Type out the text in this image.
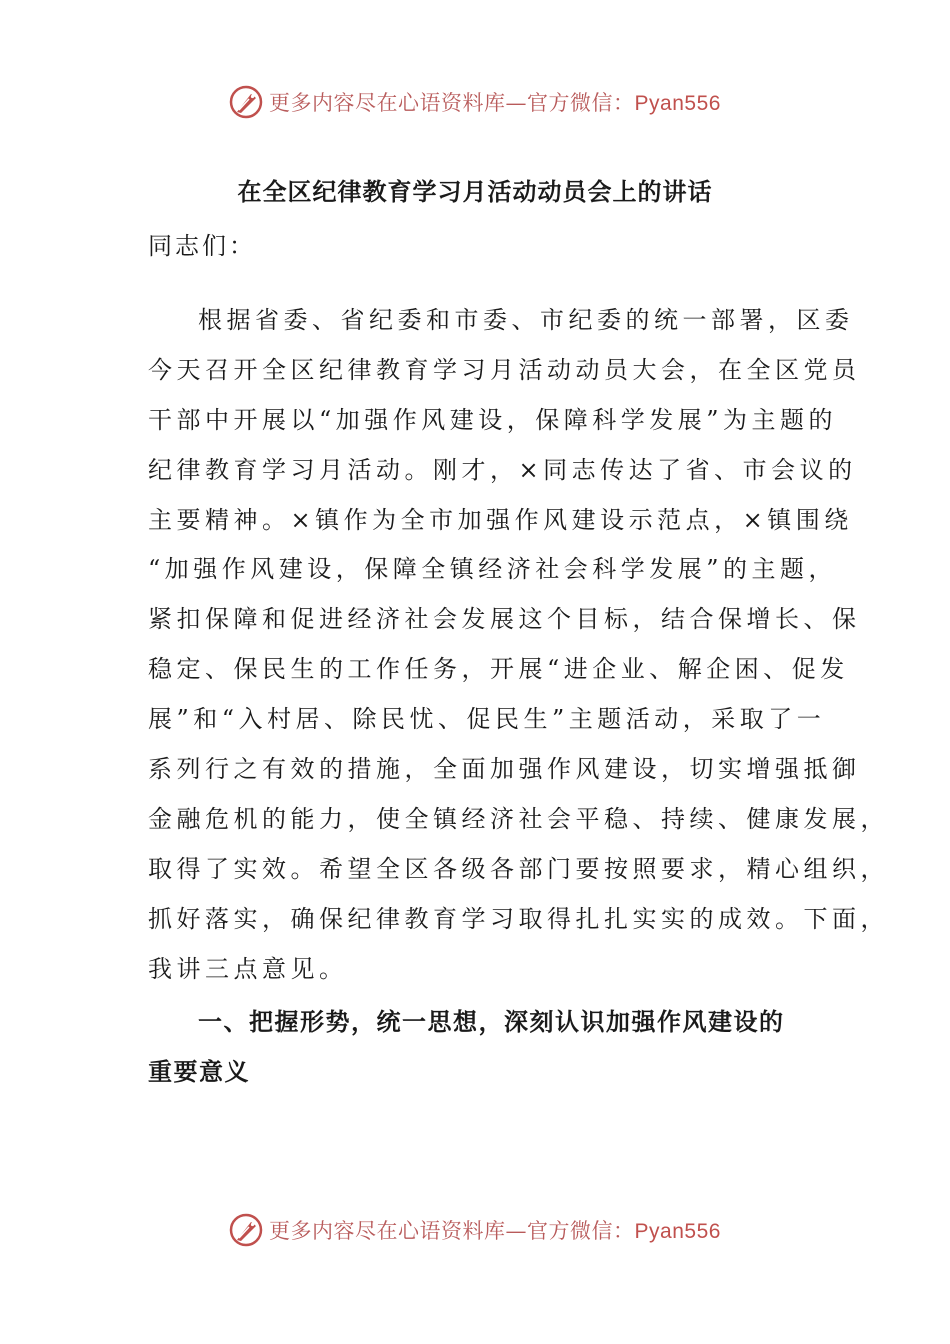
更多内容尽在心语资料库—官方微信：Pyan556
在全区纪律教育学习月活动动员会上的讲话

同志们：

根据省委、省纪委和市委、市纪委的统一部署，区委
今天召开全区纪律教育学习月活动动员大会，在全区党员
干部中开展以“加强作风建设，保障科学发展”为主题的
纪律教育学习月活动。刚才，×同志传达了省、市会议的
主要精神。×镇作为全市加强作风建设示范点，×镇围绕
“加强作风建设，保障全镇经济社会科学发展”的主题，
紧扣保障和促进经济社会发展这个目标，结合保增长、保
稳定、保民生的工作任务，开展“进企业、解企困、促发
展”和“入村居、除民忧、促民生”主题活动，采取了一
系列行之有效的措施，全面加强作风建设，切实增强抵御
金融危机的能力，使全镇经济社会平稳、持续、健康发展，
取得了实效。希望全区各级各部门要按照要求，精心组织，
抓好落实，确保纪律教育学习取得扎扎实实的成效。下面，
我讲三点意见。

一、把握形势，统一思想，深刻认识加强作风建设的
重要意义

更多内容尽在心语资料库—官方微信：Pyan556
